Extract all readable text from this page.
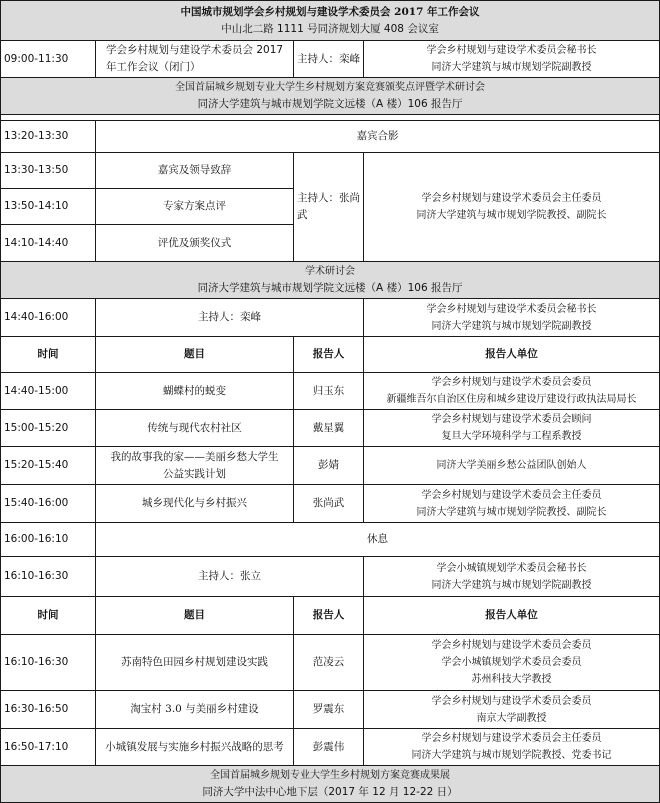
中国城市规划学会乡村规划与建设学术委员会 2017 年工作会议
中山北二路 1111 号同济规划大厦 408 会议室			

09:00-11:30	学会乡村规划与建设学术委员会 2017 年工作会议（闭门）	主持人：栾峰	学会乡村规划与建设学术委员会秘书长
同济大学建筑与城市规划学院副教授

全国首届城乡规划专业大学生乡村规划方案竞赛颁奖点评暨学术研讨会
同济大学建筑与城市规划学院文远楼（A 楼）106 报告厅			

13:20-13:30	嘉宾合影		
13:30-13:50	嘉宾及领导致辞	主持人：张尚武	学会乡村规划与建设学术委员会主任委员
同济大学建筑与城市规划学院教授、副院长

13:50-14:10	专家方案点评		
14:10-14:40	评优及颁奖仪式		

学术研讨会
同济大学建筑与城市规划学院文远楼（A 楼）106 报告厅			

14:40-16:00	主持人：栾峰		学会乡村规划与建设学术委员会秘书长
同济大学建筑与城市规划学院副教授

时间	题目	报告人	报告人单位
14:40-15:00	蝴蝶村的蜕变	归玉东	学会乡村规划与建设学术委员会委员
新疆维吾尔自治区住房和城乡建设厅建设行政执法局局长

15:00-15:20	传统与现代农村社区	戴星翼	学会乡村规划与建设学术委员会顾问
复旦大学环境科学与工程系教授

15:20-15:40	我的故事我的家——美丽乡愁大学生
公益实践计划	彭婧	同济大学美丽乡愁公益团队创始人

15:40-16:00	城乡现代化与乡村振兴	张尚武	学会乡村规划与建设学术委员会主任委员
同济大学建筑与城市规划学院教授、副院长

16:00-16:10	休息		
16:10-16:30	主持人：张立		学会小城镇规划学术委员会秘书长
同济大学建筑与城市规划学院副教授

时间	题目	报告人	报告人单位
16:10-16:30	苏南特色田园乡村规划建设实践	范凌云	学会乡村规划与建设学术委员会委员
学会小城镇规划学术委员会委员
苏州科技大学教授

16:30-16:50	淘宝村 3.0 与美丽乡村建设	罗震东	学会乡村规划与建设学术委员会委员
南京大学副教授

16:50-17:10	小城镇发展与实施乡村振兴战略的思考	彭震伟	学会乡村规划与建设学术委员会主任委员
同济大学建筑与城市规划学院教授、党委书记

全国首届城乡规划专业大学生乡村规划方案竞赛成果展
同济大学中法中心地下层（2017 年 12 月 12-22 日）			
